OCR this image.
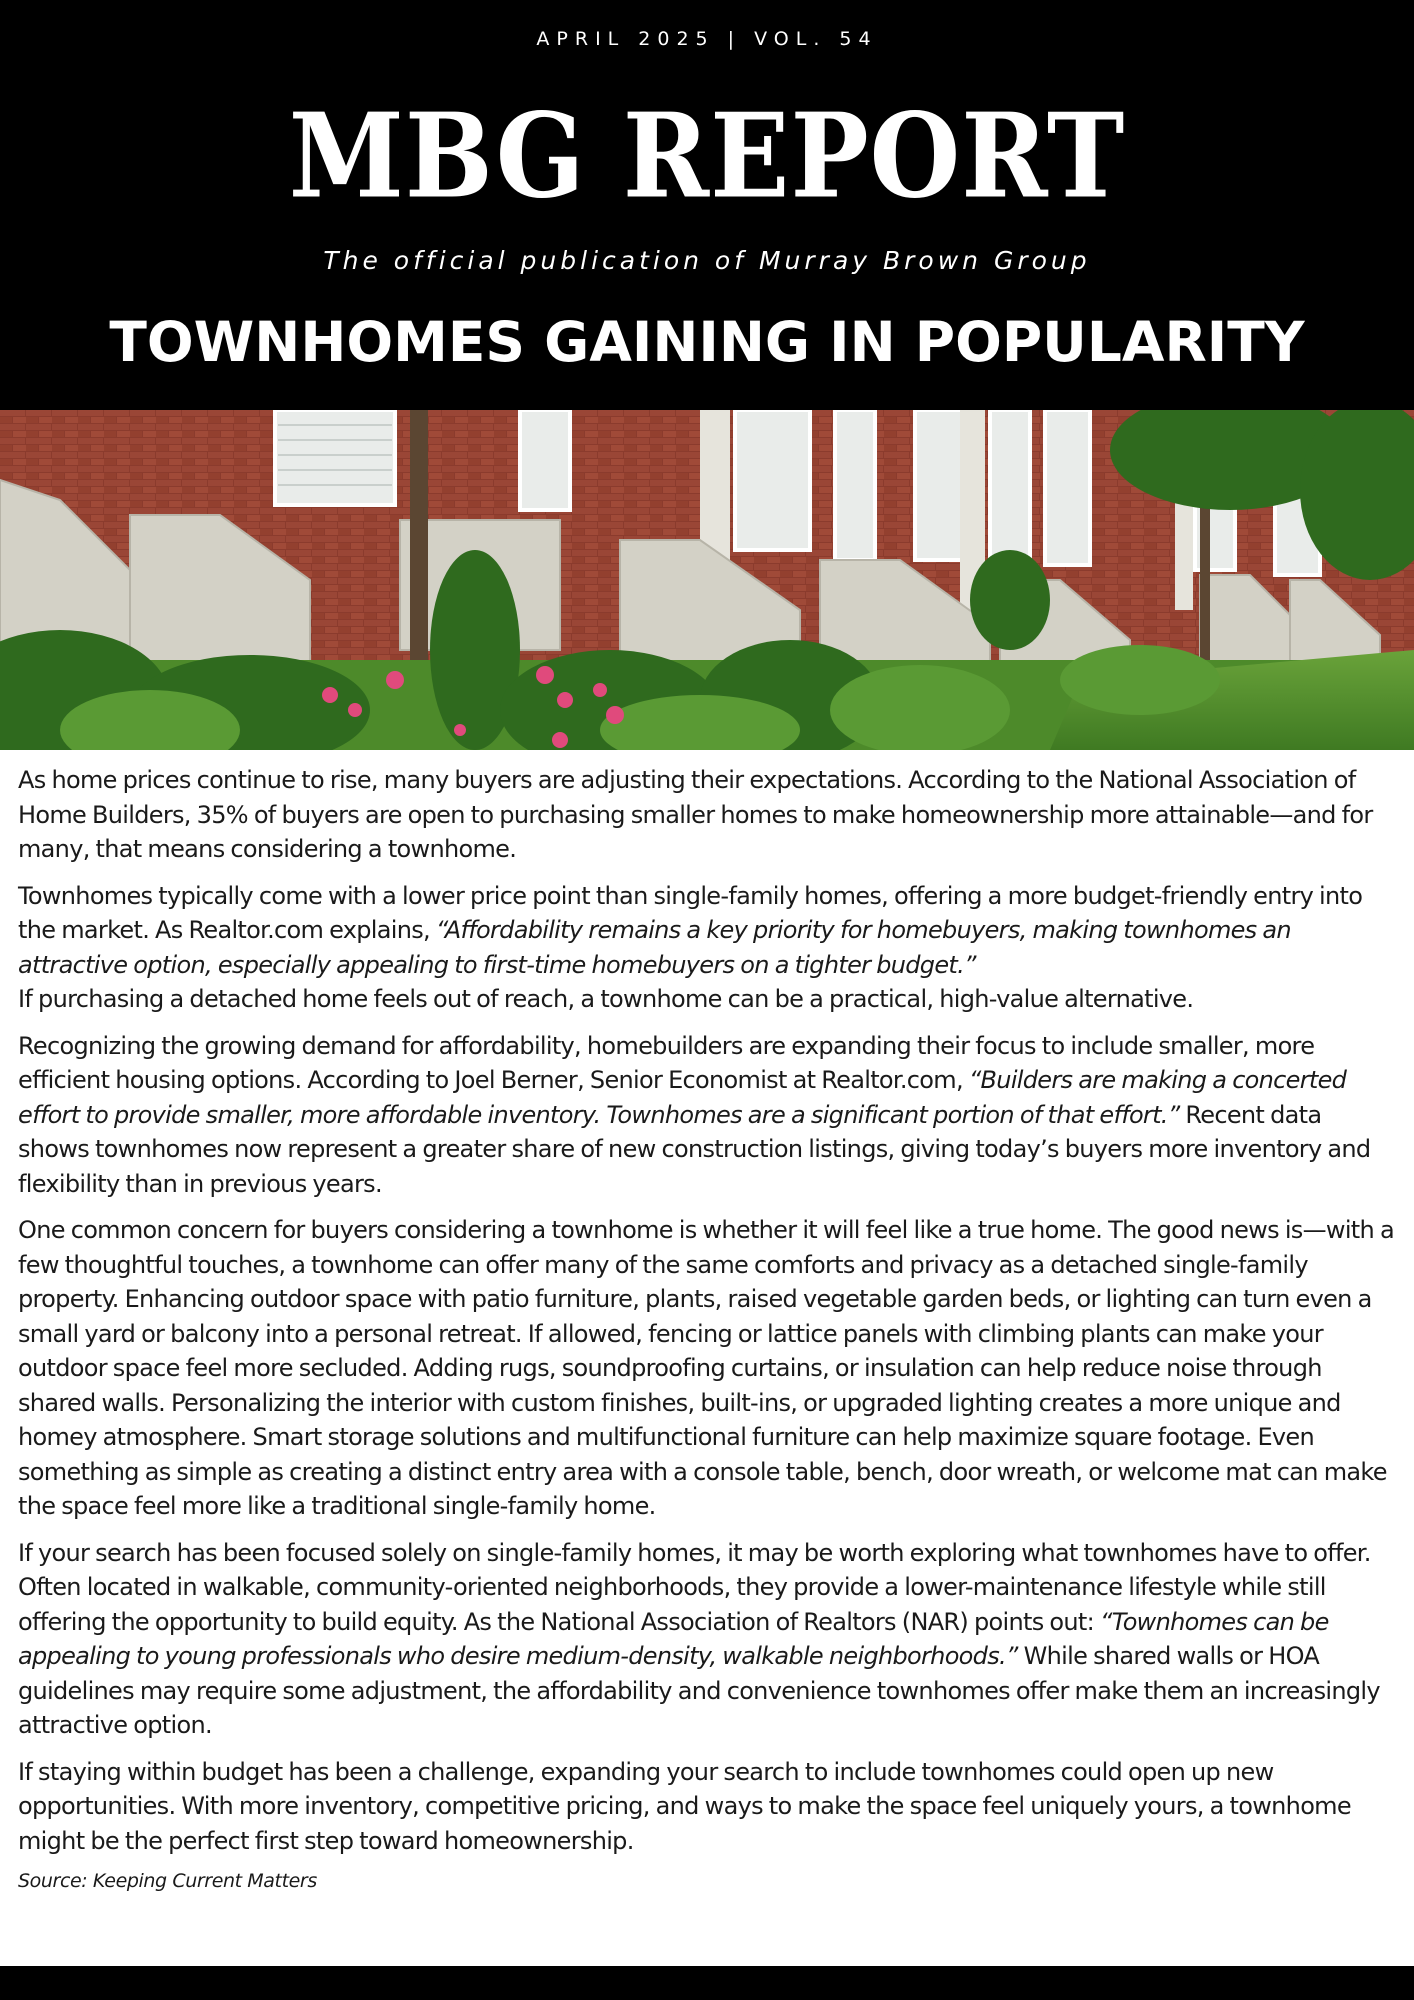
APRIL 2025 | VOL. 54
MBG REPORT
The official publication of Murray Brown Group
TOWNHOMES GAINING IN POPULARITY

As home prices continue to rise, many buyers are adjusting their expectations. According to the National Association of Home Builders, 35% of buyers are open to purchasing smaller homes to make homeownership more attainable—and for many, that means considering a townhome.

Townhomes typically come with a lower price point than single-family homes, offering a more budget-friendly entry into the market. As Realtor.com explains, “Affordability remains a key priority for homebuyers, making townhomes an attractive option, especially appealing to first-time homebuyers on a tighter budget.”
If purchasing a detached home feels out of reach, a townhome can be a practical, high-value alternative.

Recognizing the growing demand for affordability, homebuilders are expanding their focus to include smaller, more efficient housing options. According to Joel Berner, Senior Economist at Realtor.com, “Builders are making a concerted effort to provide smaller, more affordable inventory. Townhomes are a significant portion of that effort.” Recent data shows townhomes now represent a greater share of new construction listings, giving today’s buyers more inventory and flexibility than in previous years.

One common concern for buyers considering a townhome is whether it will feel like a true home. The good news is—with a few thoughtful touches, a townhome can offer many of the same comforts and privacy as a detached single-family property. Enhancing outdoor space with patio furniture, plants, raised vegetable garden beds, or lighting can turn even a small yard or balcony into a personal retreat. If allowed, fencing or lattice panels with climbing plants can make your outdoor space feel more secluded. Adding rugs, soundproofing curtains, or insulation can help reduce noise through shared walls. Personalizing the interior with custom finishes, built-ins, or upgraded lighting creates a more unique and homey atmosphere. Smart storage solutions and multifunctional furniture can help maximize square footage. Even something as simple as creating a distinct entry area with a console table, bench, door wreath, or welcome mat can make the space feel more like a traditional single-family home.

If your search has been focused solely on single-family homes, it may be worth exploring what townhomes have to offer. Often located in walkable, community-oriented neighborhoods, they provide a lower-maintenance lifestyle while still offering the opportunity to build equity. As the National Association of Realtors (NAR) points out: “Townhomes can be appealing to young professionals who desire medium-density, walkable neighborhoods.” While shared walls or HOA guidelines may require some adjustment, the affordability and convenience townhomes offer make them an increasingly attractive option.

If staying within budget has been a challenge, expanding your search to include townhomes could open up new opportunities. With more inventory, competitive pricing, and ways to make the space feel uniquely yours, a townhome might be the perfect first step toward homeownership.

Source: Keeping Current Matters
